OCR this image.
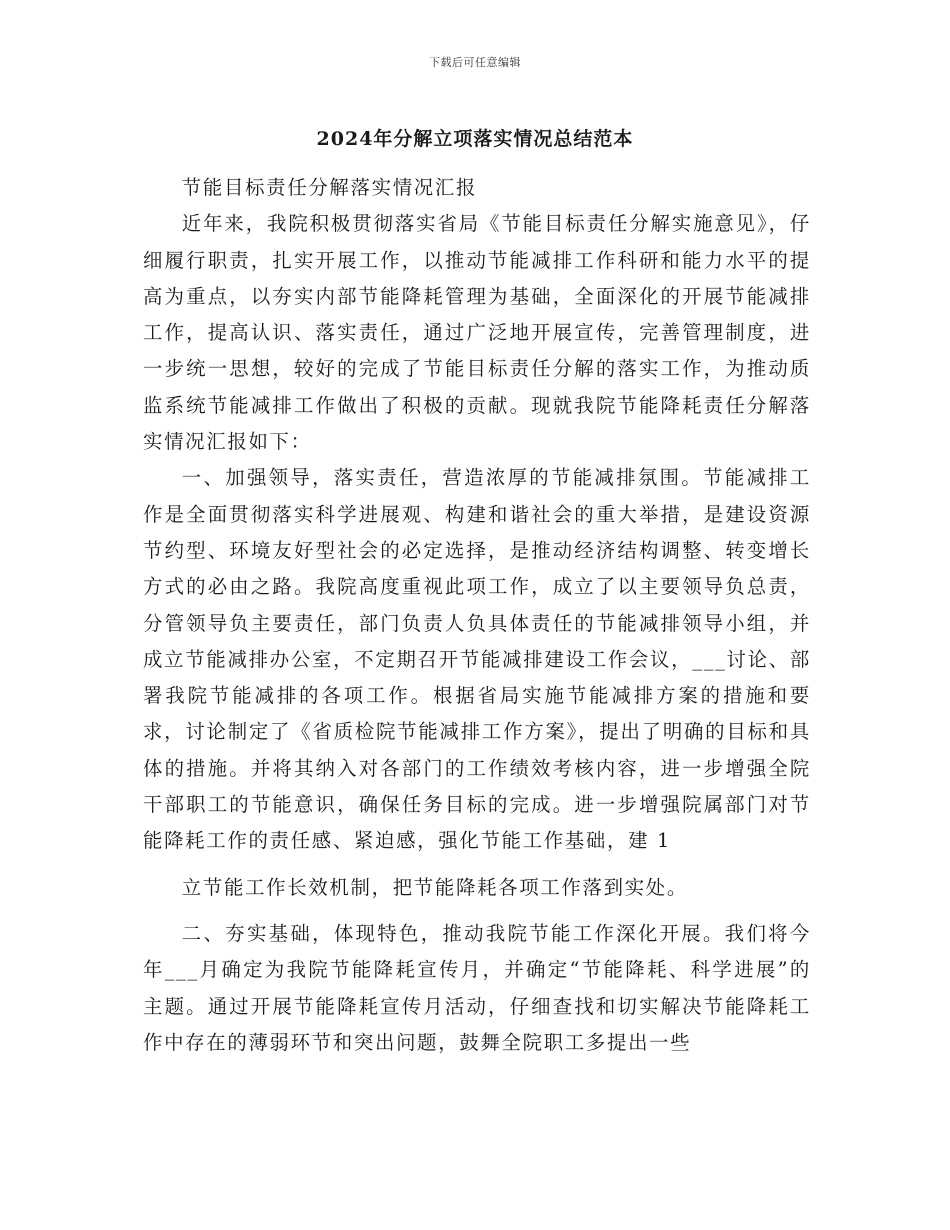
下载后可任意编辑
2024年分解立项落实情况总结范本

节能目标责任分解落实情况汇报

近年来，我院积极贯彻落实省局《节能目标责任分解实施意见》，仔细履行职责，扎实开展工作，以推动节能减排工作科研和能力水平的提高为重点，以夯实内部节能降耗管理为基础，全面深化的开展节能减排工作，提高认识、落实责任，通过广泛地开展宣传，完善管理制度，进一步统一思想，较好的完成了节能目标责任分解的落实工作，为推动质监系统节能减排工作做出了积极的贡献。现就我院节能降耗责任分解落实情况汇报如下：

一、加强领导，落实责任，营造浓厚的节能减排氛围。节能减排工作是全面贯彻落实科学进展观、构建和谐社会的重大举措，是建设资源节约型、环境友好型社会的必定选择，是推动经济结构调整、转变增长方式的必由之路。我院高度重视此项工作，成立了以主要领导负总责，分管领导负主要责任，部门负责人负具体责任的节能减排领导小组，并成立节能减排办公室，不定期召开节能减排建设工作会议，___讨论、部署我院节能减排的各项工作。根据省局实施节能减排方案的措施和要求，讨论制定了《省质检院节能减排工作方案》，提出了明确的目标和具体的措施。并将其纳入对各部门的工作绩效考核内容，进一步增强全院干部职工的节能意识，确保任务目标的完成。进一步增强院属部门对节能降耗工作的责任感、紧迫感，强化节能工作基础，建 1

立节能工作长效机制，把节能降耗各项工作落到实处。

二、夯实基础，体现特色，推动我院节能工作深化开展。我们将今年___月确定为我院节能降耗宣传月，并确定“节能降耗、科学进展”的主题。通过开展节能降耗宣传月活动，仔细查找和切实解决节能降耗工作中存在的薄弱环节和突出问题，鼓舞全院职工多提出一些
